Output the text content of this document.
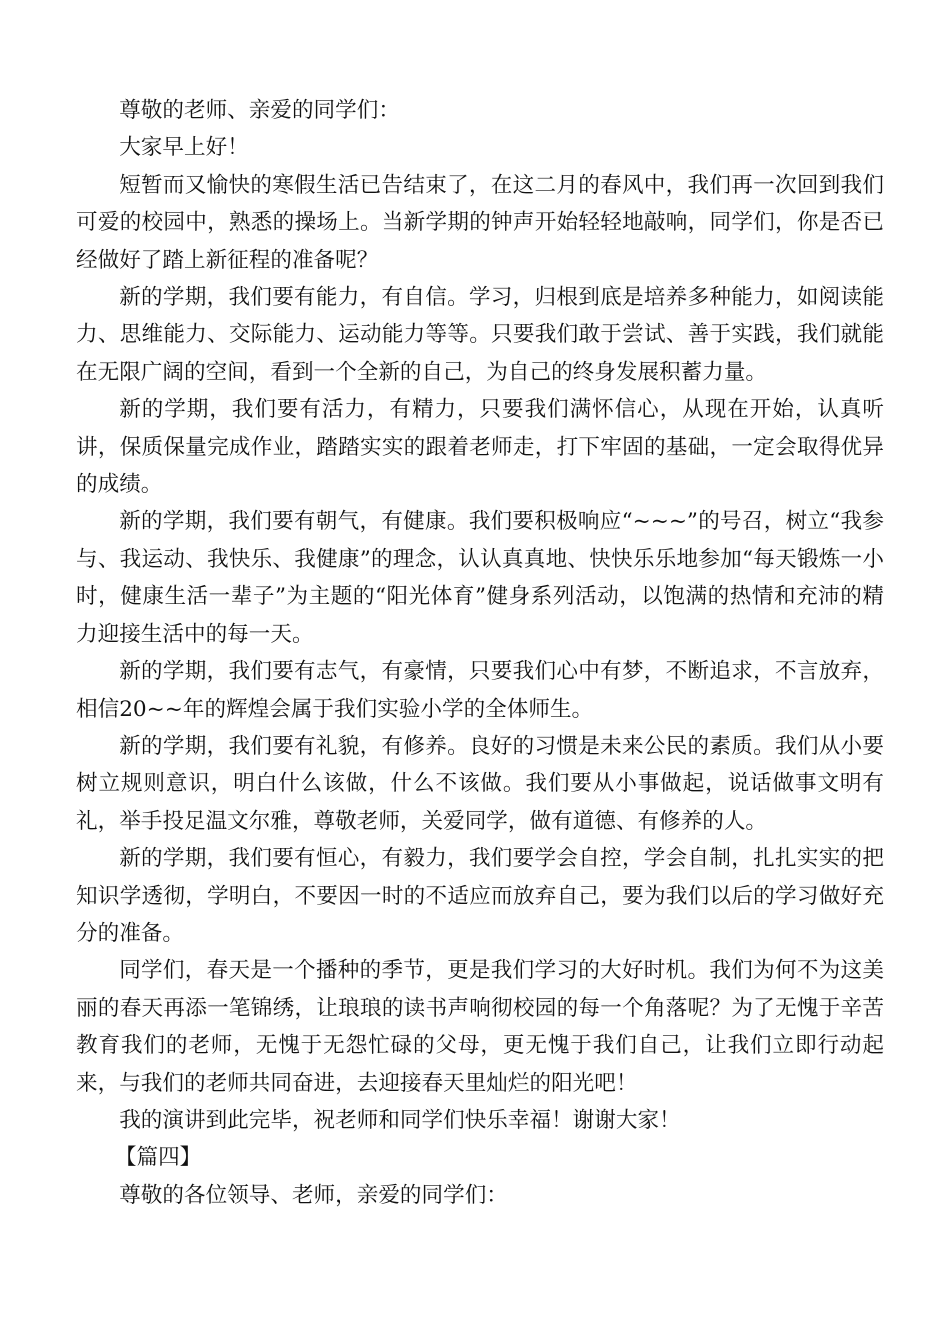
尊敬的老师、亲爱的同学们：

大家早上好！

短暂而又愉快的寒假生活已告结束了，在这二月的春风中，我们再一次回到我们可爱的校园中，熟悉的操场上。当新学期的钟声开始轻轻地敲响，同学们，你是否已经做好了踏上新征程的准备呢？

新的学期，我们要有能力，有自信。学习，归根到底是培养多种能力，如阅读能力、思维能力、交际能力、运动能力等等。只要我们敢于尝试、善于实践，我们就能在无限广阔的空间，看到一个全新的自己，为自己的终身发展积蓄力量。

新的学期，我们要有活力，有精力，只要我们满怀信心，从现在开始，认真听讲，保质保量完成作业，踏踏实实的跟着老师走，打下牢固的基础，一定会取得优异的成绩。

新的学期，我们要有朝气，有健康。我们要积极响应“~~~”的号召，树立“我参与、我运动、我快乐、我健康”的理念，认认真真地、快快乐乐地参加“每天锻炼一小时，健康生活一辈子”为主题的“阳光体育”健身系列活动，以饱满的热情和充沛的精力迎接生活中的每一天。

新的学期，我们要有志气，有豪情，只要我们心中有梦，不断追求，不言放弃，相信20~~年的辉煌会属于我们实验小学的全体师生。

新的学期，我们要有礼貌，有修养。良好的习惯是未来公民的素质。我们从小要树立规则意识，明白什么该做，什么不该做。我们要从小事做起，说话做事文明有礼，举手投足温文尔雅，尊敬老师，关爱同学，做有道德、有修养的人。

新的学期，我们要有恒心，有毅力，我们要学会自控，学会自制，扎扎实实的把知识学透彻，学明白，不要因一时的不适应而放弃自己，要为我们以后的学习做好充分的准备。

同学们，春天是一个播种的季节，更是我们学习的大好时机。我们为何不为这美丽的春天再添一笔锦绣，让琅琅的读书声响彻校园的每一个角落呢？为了无愧于辛苦教育我们的老师，无愧于无怨忙碌的父母，更无愧于我们自己，让我们立即行动起来，与我们的老师共同奋进，去迎接春天里灿烂的阳光吧！

我的演讲到此完毕，祝老师和同学们快乐幸福！谢谢大家！

【篇四】

尊敬的各位领导、老师，亲爱的同学们：
